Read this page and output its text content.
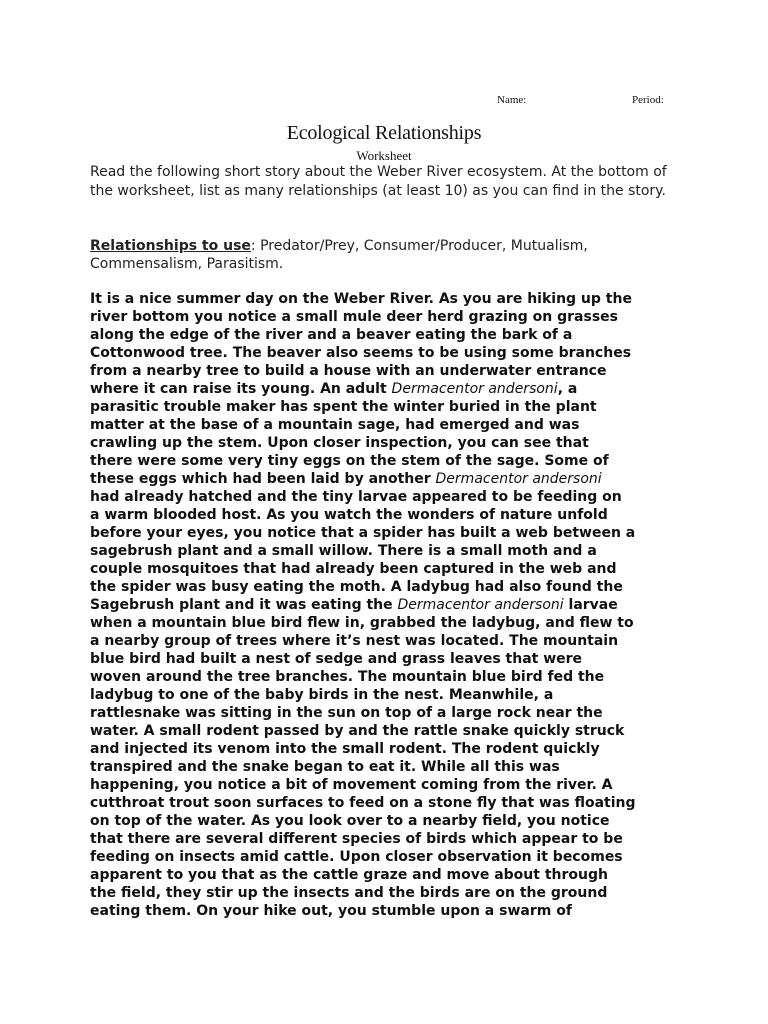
Name:	Period:
Ecological Relationships
Worksheet
Read the following short story about the Weber River ecosystem. At the bottom of the worksheet, list as many relationships (at least 10) as you can find in the story.
Relationships to use: Predator/Prey, Consumer/Producer, Mutualism,
Commensalism, Parasitism.
It is a nice summer day on the Weber River. As you are hiking up the
river bottom you notice a small mule deer herd grazing on grasses
along the edge of the river and a beaver eating the bark of a
Cottonwood tree. The beaver also seems to be using some branches
from a nearby tree to build a house with an underwater entrance
where it can raise its young. An adult Dermacentor andersoni, a
parasitic trouble maker has spent the winter buried in the plant
matter at the base of a mountain sage, had emerged and was
crawling up the stem. Upon closer inspection, you can see that
there were some very tiny eggs on the stem of the sage. Some of
these eggs which had been laid by another Dermacentor andersoni
had already hatched and the tiny larvae appeared to be feeding on
a warm blooded host. As you watch the wonders of nature unfold
before your eyes, you notice that a spider has built a web between a
sagebrush plant and a small willow. There is a small moth and a
couple mosquitoes that had already been captured in the web and
the spider was busy eating the moth. A ladybug had also found the
Sagebrush plant and it was eating the Dermacentor andersoni larvae
when a mountain blue bird flew in, grabbed the ladybug, and flew to
a nearby group of trees where it’s nest was located. The mountain
blue bird had built a nest of sedge and grass leaves that were
woven around the tree branches. The mountain blue bird fed the
ladybug to one of the baby birds in the nest. Meanwhile, a
rattlesnake was sitting in the sun on top of a large rock near the
water. A small rodent passed by and the rattle snake quickly struck
and injected its venom into the small rodent. The rodent quickly
transpired and the snake began to eat it. While all this was
happening, you notice a bit of movement coming from the river. A
cutthroat trout soon surfaces to feed on a stone fly that was floating
on top of the water. As you look over to a nearby field, you notice
that there are several different species of birds which appear to be
feeding on insects amid cattle. Upon closer observation it becomes
apparent to you that as the cattle graze and move about through
the field, they stir up the insects and the birds are on the ground
eating them. On your hike out, you stumble upon a swarm of
